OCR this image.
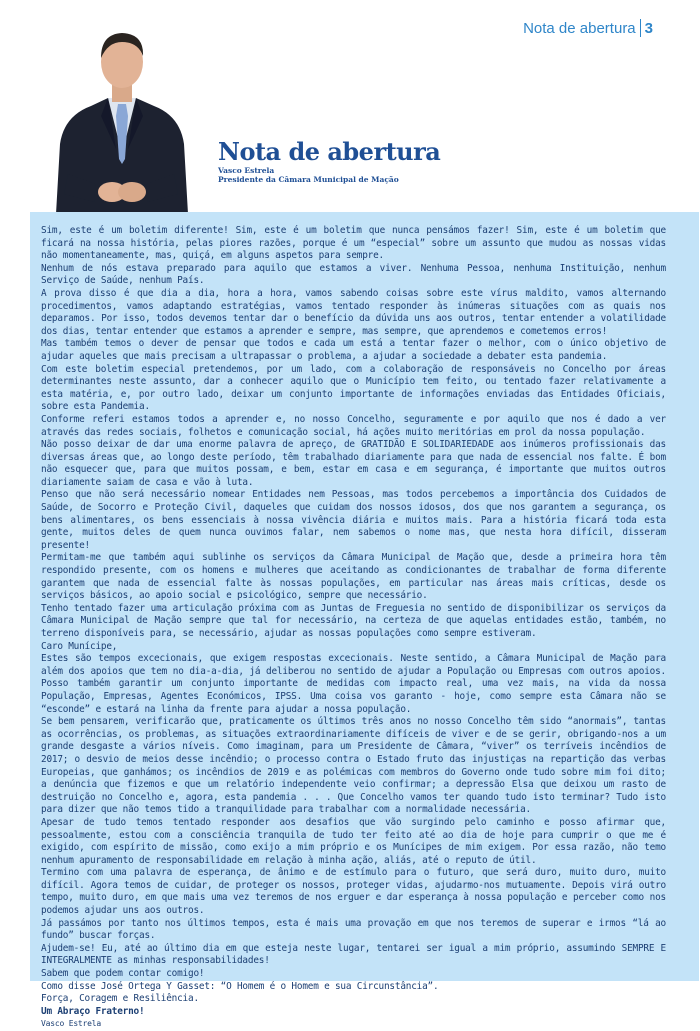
Nota de abertura 3
Nota de abertura
Vasco Estrela
Presidente da Câmara Municipal de Mação

Sim, este é um boletim diferente! Sim, este é um boletim que nunca pensámos fazer! Sim, este é um boletim que ficará na nossa história, pelas piores razões, porque é um “especial” sobre um assunto que mudou as nossas vidas não momentaneamente, mas, quiçá, em alguns aspetos para sempre.

Nenhum de nós estava preparado para aquilo que estamos a viver. Nenhuma Pessoa, nenhuma Instituição, nenhum Serviço de Saúde, nenhum País.

A prova disso é que dia a dia, hora a hora, vamos sabendo coisas sobre este vírus maldito, vamos alternando procedimentos, vamos adaptando estratégias, vamos tentado responder às inúmeras situações com as quais nos deparamos. Por isso, todos devemos tentar dar o benefício da dúvida uns aos outros, tentar entender a volatilidade dos dias, tentar entender que estamos a aprender e sempre, mas sempre, que aprendemos e cometemos erros!

Mas também temos o dever de pensar que todos e cada um está a tentar fazer o melhor, com o único objetivo de ajudar aqueles que mais precisam a ultrapassar o problema, a ajudar a sociedade a debater esta pandemia.

Com este boletim especial pretendemos, por um lado, com a colaboração de responsáveis no Concelho por áreas determinantes neste assunto, dar a conhecer aquilo que o Município tem feito, ou tentado fazer relativamente a esta matéria, e, por outro lado, deixar um conjunto importante de informações enviadas das Entidades Oficiais, sobre esta Pandemia.

Conforme referi estamos todos a aprender e, no nosso Concelho, seguramente e por aquilo que nos é dado a ver através das redes sociais, folhetos e comunicação social, há ações muito meritórias em prol da nossa população.

Não posso deixar de dar uma enorme palavra de apreço, de GRATIDÃO E SOLIDARIEDADE aos inúmeros profissionais das diversas áreas que, ao longo deste período, têm trabalhado diariamente para que nada de essencial nos falte. É bom não esquecer que, para que muitos possam, e bem, estar em casa e em segurança, é importante que muitos outros diariamente saiam de casa e vão à luta.

Penso que não será necessário nomear Entidades nem Pessoas, mas todos percebemos a importância dos Cuidados de Saúde, de Socorro e Proteção Civil, daqueles que cuidam dos nossos idosos, dos que nos garantem a segurança, os bens alimentares, os bens essenciais à nossa vivência diária e muitos mais. Para a história ficará toda esta gente, muitos deles de quem nunca ouvimos falar, nem sabemos o nome mas, que nesta hora difícil, disseram presente!

Permitam-me que também aqui sublinhe os serviços da Câmara Municipal de Mação que, desde a primeira hora têm respondido presente, com os homens e mulheres que aceitando as condicionantes de trabalhar de forma diferente garantem que nada de essencial falte às nossas populações, em particular nas áreas mais críticas, desde os serviços básicos, ao apoio social e psicológico, sempre que necessário.

Tenho tentado fazer uma articulação próxima com as Juntas de Freguesia no sentido de disponibilizar os serviços da Câmara Municipal de Mação sempre que tal for necessário, na certeza de que aquelas entidades estão, também, no terreno disponíveis para, se necessário, ajudar as nossas populações como sempre estiveram.

Caro Munícipe,

Estes são tempos excecionais, que exigem respostas excecionais. Neste sentido, a Câmara Municipal de Mação para além dos apoios que tem no dia-a-dia, já deliberou no sentido de ajudar a População ou Empresas com outros apoios. Posso também garantir um conjunto importante de medidas com impacto real, uma vez mais, na vida da nossa População, Empresas, Agentes Económicos, IPSS. Uma coisa vos garanto - hoje, como sempre esta Câmara não se “esconde” e estará na linha da frente para ajudar a nossa população.

Se bem pensarem, verificarão que, praticamente os últimos três anos no nosso Concelho têm sido “anormais”, tantas as ocorrências, os problemas, as situações extraordinariamente difíceis de viver e de se gerir, obrigando-nos a um grande desgaste a vários níveis. Como imaginam, para um Presidente de Câmara, “viver” os terríveis incêndios de 2017; o desvio de meios desse incêndio; o processo contra o Estado fruto das injustiças na repartição das verbas Europeias, que ganhámos; os incêndios de 2019 e as polémicas com membros do Governo onde tudo sobre mim foi dito; a denúncia que fizemos e que um relatório independente veio confirmar; a depressão Elsa que deixou um rasto de destruição no Concelho e, agora, esta pandemia . . . Que Concelho vamos ter quando tudo isto terminar? Tudo isto para dizer que não temos tido a tranquilidade para trabalhar com a normalidade necessária.

Apesar de tudo temos tentado responder aos desafios que vão surgindo pelo caminho e posso afirmar que, pessoalmente, estou com a consciência tranquila de tudo ter feito até ao dia de hoje para cumprir o que me é exigido, com espírito de missão, como exijo a mim próprio e os Munícipes de mim exigem. Por essa razão, não temo nenhum apuramento de responsabilidade em relação à minha ação, aliás, até o reputo de útil.

Termino com uma palavra de esperança, de ânimo e de estímulo para o futuro, que será duro, muito duro, muito difícil. Agora temos de cuidar, de proteger os nossos, proteger vidas, ajudarmo-nos mutuamente. Depois virá outro tempo, muito duro, em que mais uma vez teremos de nos erguer e dar esperança à nossa população e perceber como nos podemos ajudar uns aos outros.

Já passámos por tanto nos últimos tempos, esta é mais uma provação em que nos teremos de superar e irmos “lá ao fundo” buscar forças.

Ajudem-se! Eu, até ao último dia em que esteja neste lugar, tentarei ser igual a mim próprio, assumindo SEMPRE E INTEGRALMENTE as minhas responsabilidades!

Sabem que podem contar comigo!

Como disse José Ortega Y Gasset: “O Homem é o Homem e sua Circunstância”.

Força, Coragem e Resiliência.

Um Abraço Fraterno!

Vasco Estrela
